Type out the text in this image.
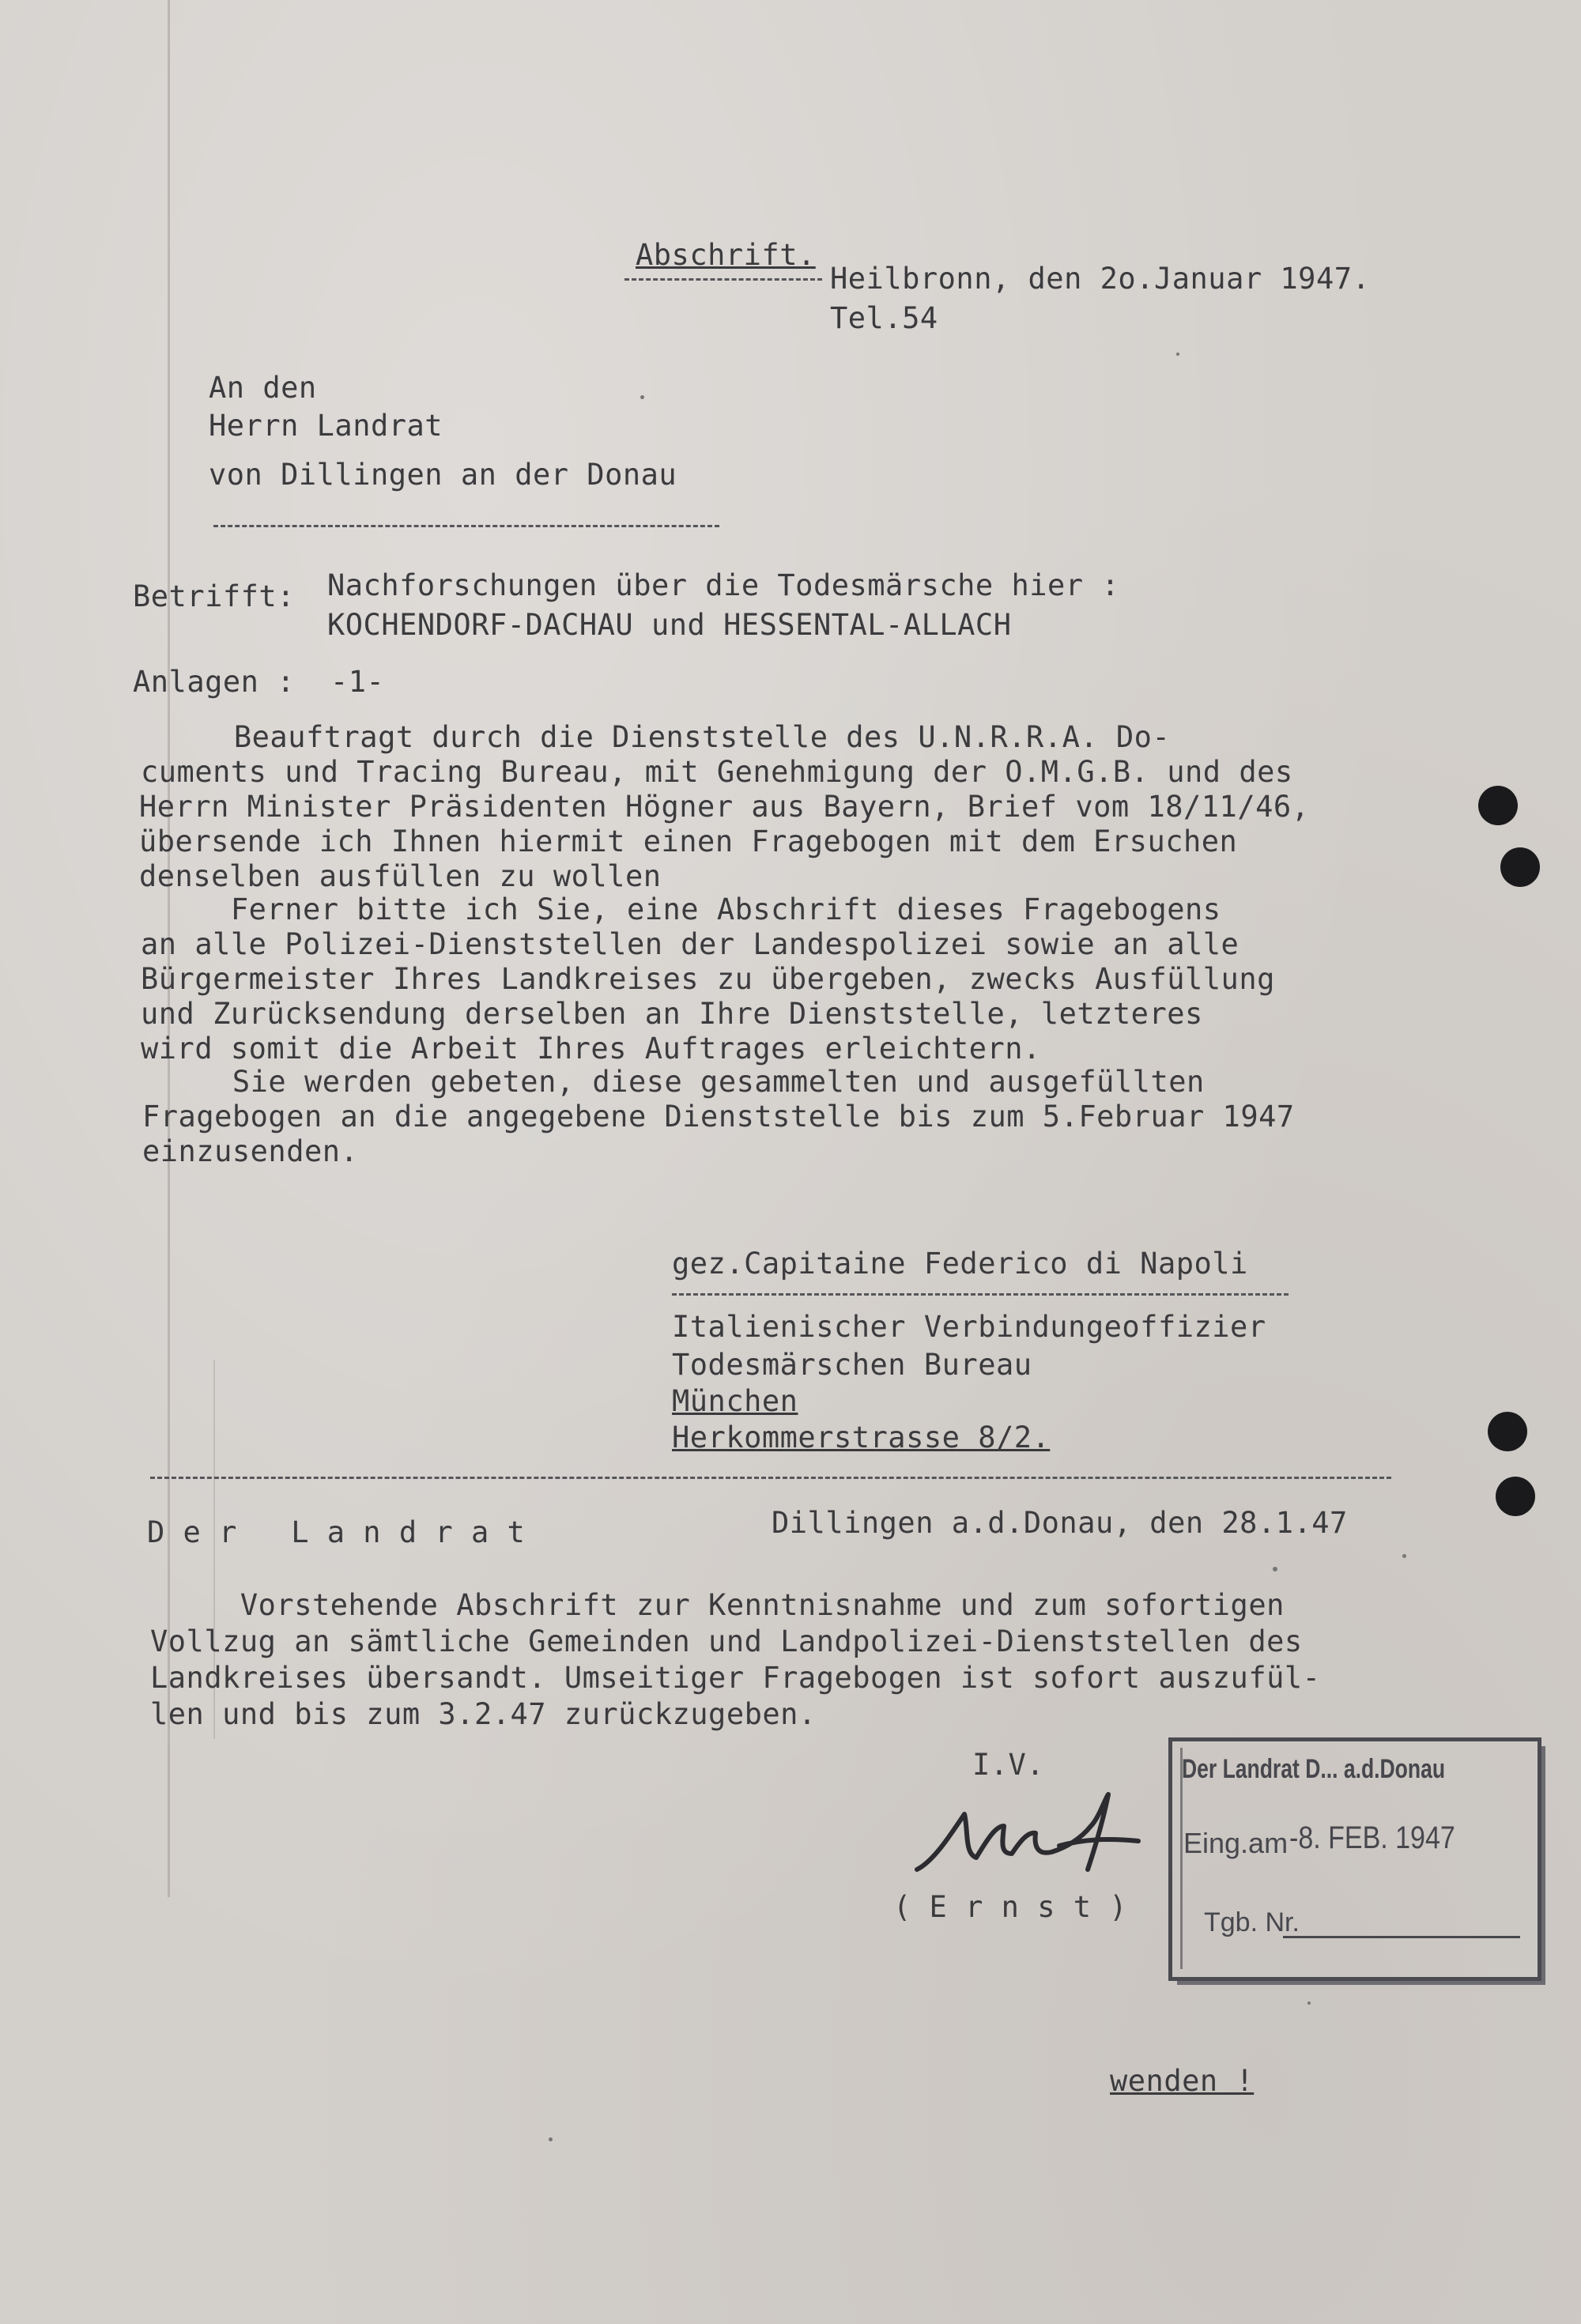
Abschrift.
Heilbronn, den 2o.Januar 1947.
Tel.54
An den
Herrn Landrat
von Dillingen an der Donau
Betrifft: Nachforschungen über die Todesmärsche hier :
KOCHENDORF-DACHAU und HESSENTAL-ALLACH
Anlagen : -1-
Beauftragt durch die Dienststelle des U.N.R.R.A. Do-
cuments und Tracing Bureau, mit Genehmigung der O.M.G.B. und des
Herrn Minister Präsidenten Högner aus Bayern, Brief vom 18/11/46,
übersende ich Ihnen hiermit einen Fragebogen mit dem Ersuchen
denselben ausfüllen zu wollen
Ferner bitte ich Sie, eine Abschrift dieses Fragebogens
an alle Polizei-Dienststellen der Landespolizei sowie an alle
Bürgermeister Ihres Landkreises zu übergeben, zwecks Ausfüllung
und Zurücksendung derselben an Ihre Dienststelle, letzteres
wird somit die Arbeit Ihres Auftrages erleichtern.
Sie werden gebeten, diese gesammelten und ausgefüllten
Fragebogen an die angegebene Dienststelle bis zum 5.Februar 1947
einzusenden.
gez.Capitaine Federico di Napoli
Italienischer Verbindungeoffizier
Todesmärschen Bureau
München
Herkommerstrasse 8/2.
D e r   L a n d r a t	Dillingen a.d.Donau, den 28.1.47
Vorstehende Abschrift zur Kenntnisnahme und zum sofortigen
Vollzug an sämtliche Gemeinden und Landpolizei-Dienststellen des
Landkreises übersandt. Umseitiger Fragebogen ist sofort auszufül-
len und bis zum 3.2.47 zurückzugeben.
I.V.
( E r n s t )
Der Landrat D... a.d.Donau
Eing.am -8. FEB. 1947
Tgb. Nr.
wenden !
